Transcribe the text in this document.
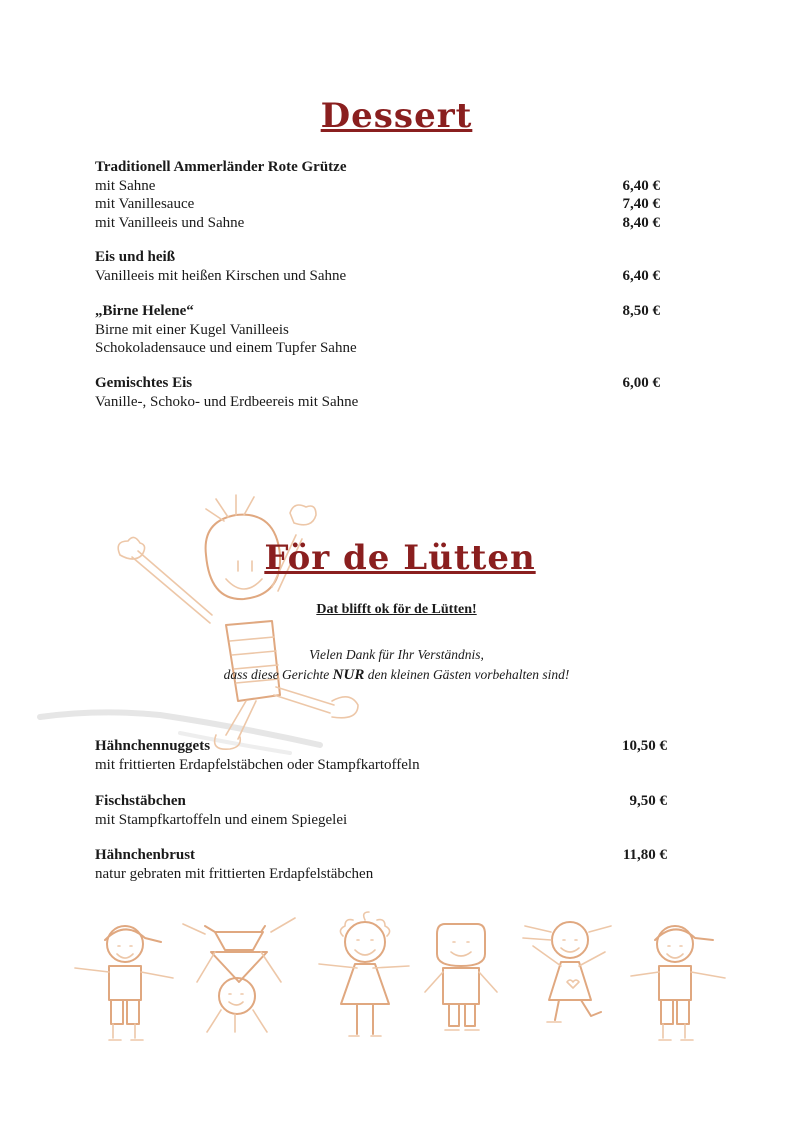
Dessert
Traditionell Ammerländer Rote Grütze
mit Sahne	6,40 €
mit Vanillesauce	7,40 €
mit Vanilleeis und Sahne	8,40 €
Eis und heiß
Vanilleeis mit heißen Kirschen und Sahne	6,40 €
„Birne Helene“	8,50 €
Birne mit einer Kugel Vanilleeis
Schokoladensauce und einem Tupfer Sahne
Gemischtes Eis	6,00 €
Vanille-, Schoko- und Erdbeereis mit Sahne
För de Lütten
Dat blifft ok för de Lütten!
Vielen Dank für Ihr Verständnis,
dass diese Gerichte NUR den kleinen Gästen vorbehalten sind!
Hähnchennuggets	10,50 €
mit frittierten Erdapfelstäbchen oder Stampfkartoffeln
Fischstäbchen	9,50 €
mit Stampfkartoffeln und einem Spiegelei
Hähnchenbrust	11,80 €
natur gebraten mit frittierten Erdapfelstäbchen
